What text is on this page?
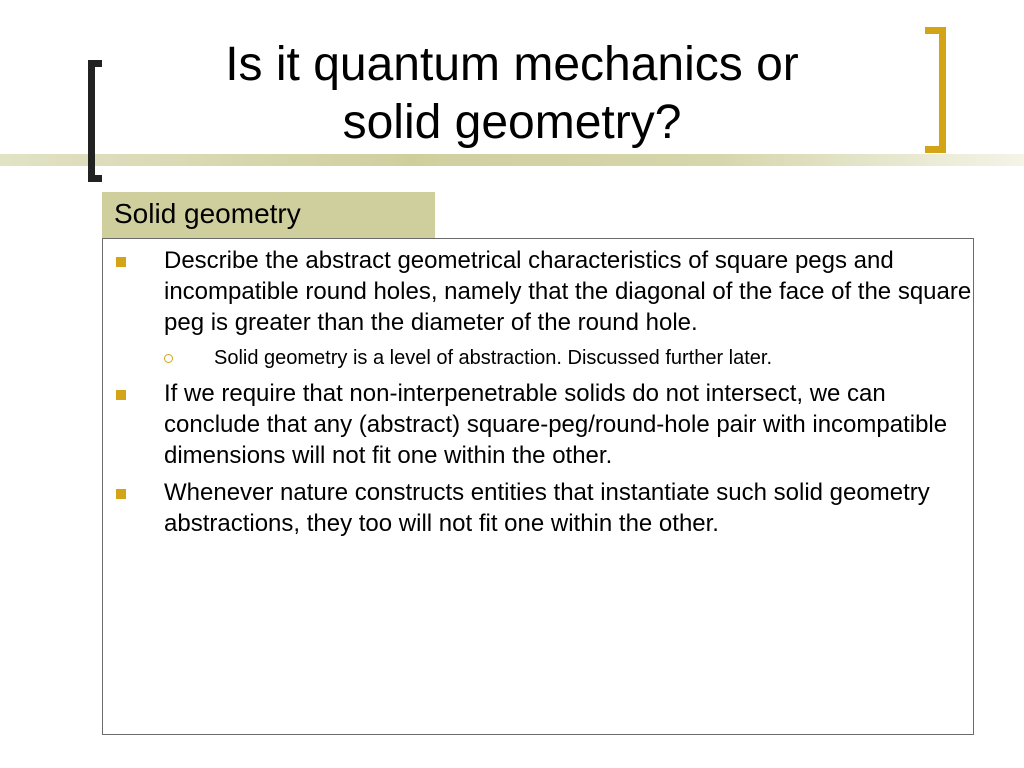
Is it quantum mechanics or
solid geometry?
Solid geometry
Describe the abstract geometrical characteristics of square pegs and incompatible round holes, namely that the diagonal of the face of the square peg is greater than the diameter of the round hole.
Solid geometry is a level of abstraction. Discussed further later.
If we require that non-interpenetrable solids do not intersect, we can conclude that any (abstract) square-peg/round-hole pair with incompatible dimensions will not fit one within the other.
Whenever nature constructs entities that instantiate such solid geometry abstractions, they too will not fit one within the other.
